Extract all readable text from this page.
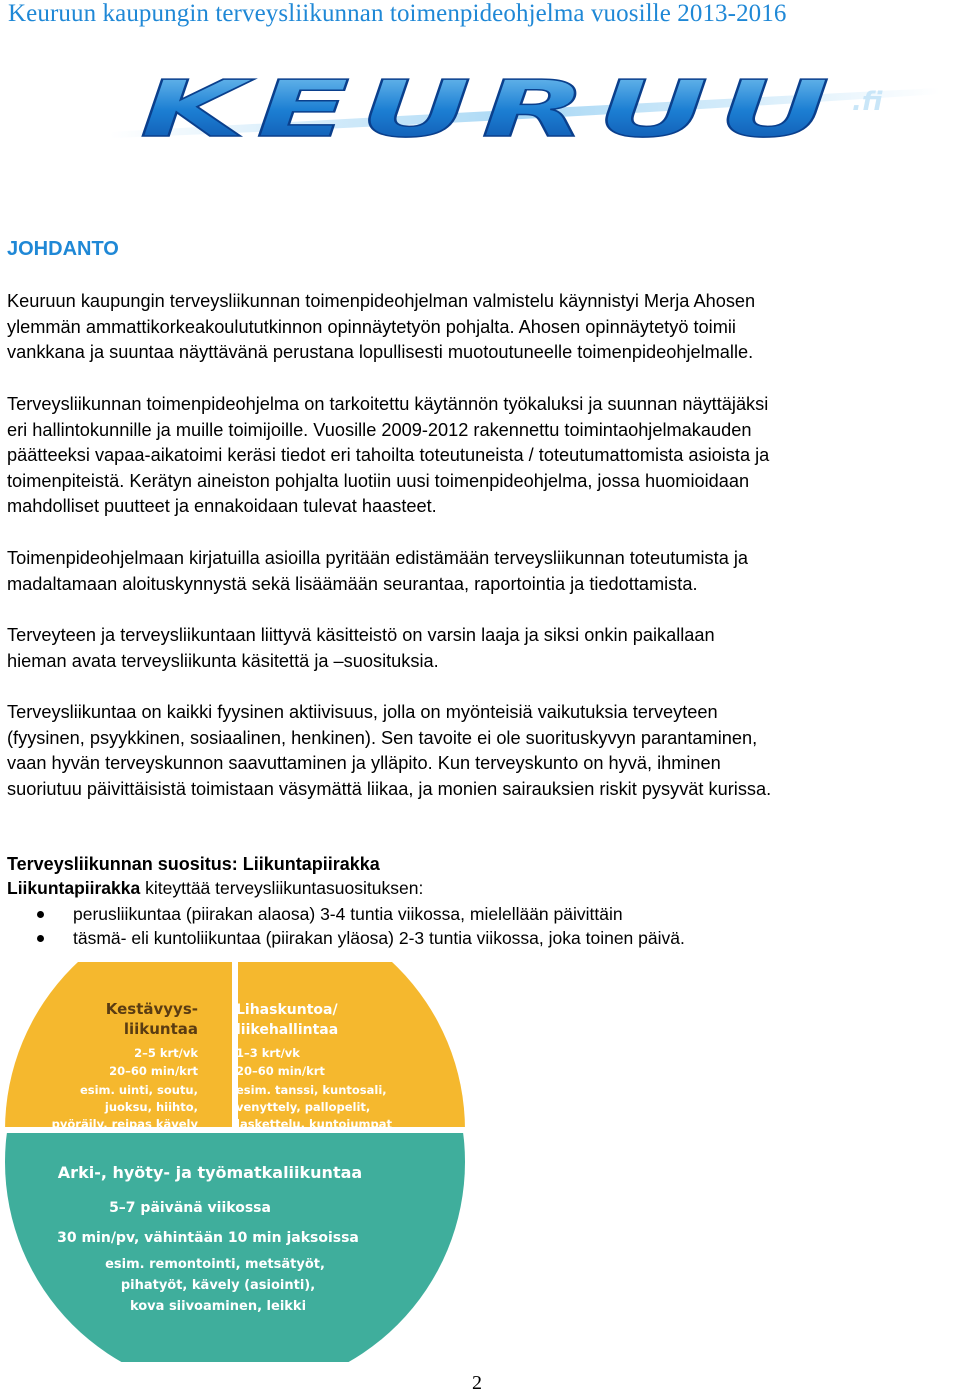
Keuruun kaupungin terveysliikunnan toimenpideohjelma vuosille 2013-2016
KEURUU .fi
JOHDANTO

Keuruun kaupungin terveysliikunnan toimenpideohjelman valmistelu käynnistyi Merja Ahosen
ylemmän ammattikorkeakoulututkinnon opinnäytetyön pohjalta. Ahosen opinnäytetyö toimii
vankkana ja suuntaa näyttävänä perustana lopullisesti muotoutuneelle toimenpideohjelmalle.

Terveysliikunnan toimenpideohjelma on tarkoitettu käytännön työkaluksi ja suunnan näyttäjäksi
eri hallintokunnille ja muille toimijoille. Vuosille 2009-2012 rakennettu toimintaohjelmakauden
päätteeksi vapaa-aikatoimi keräsi tiedot eri tahoilta toteutuneista / toteutumattomista asioista ja
toimenpiteistä. Kerätyn aineiston pohjalta luotiin uusi toimenpideohjelma, jossa huomioidaan
mahdolliset puutteet ja ennakoidaan tulevat haasteet.

Toimenpideohjelmaan kirjatuilla asioilla pyritään edistämään terveysliikunnan toteutumista ja
madaltamaan aloituskynnystä sekä lisäämään seurantaa, raportointia ja tiedottamista.

Terveyteen ja terveysliikuntaan liittyvä käsitteistö on varsin laaja ja siksi onkin paikallaan
hieman avata terveysliikunta käsitettä ja –suosituksia.

Terveysliikuntaa on kaikki fyysinen aktiivisuus, jolla on myönteisiä vaikutuksia terveyteen
(fyysinen, psyykkinen, sosiaalinen, henkinen). Sen tavoite ei ole suorituskyvyn parantaminen,
vaan hyvän terveyskunnon saavuttaminen ja ylläpito. Kun terveyskunto on hyvä, ihminen
suoriutuu päivittäisistä toimistaan väsymättä liikaa, ja monien sairauksien riskit pysyvät kurissa.

Terveysliikunnan suositus: Liikuntapiirakka
Liikuntapiirakka kiteyttää terveysliikuntasuosituksen:
perusliikuntaa (piirakan alaosa) 3-4 tuntia viikossa, mielellään päivittäin
täsmä- eli kuntoliikuntaa (piirakan yläosa) 2-3 tuntia viikossa, joka toinen päivä.
Kestävyys-liikuntaa
2–5 krt/vk
20–60 min/krt
esim. uinti, soutu,
juoksu, hiihto,
pyöräily, reipas kävely
Lihaskuntoa/ liikehallintaa
1–3 krt/vk
20–60 min/krt
esim. tanssi, kuntosali,
venyttely, pallopelit,
laskettelu, kuntojumpat
Arki-, hyöty- ja työmatkaliikuntaa
5–7 päivänä viikossa
30 min/pv, vähintään 10 min jaksoissa
esim. remontointi, metsätyöt,
pihatyöt, kävely (asiointi),
kova siivoaminen, leikki
2
